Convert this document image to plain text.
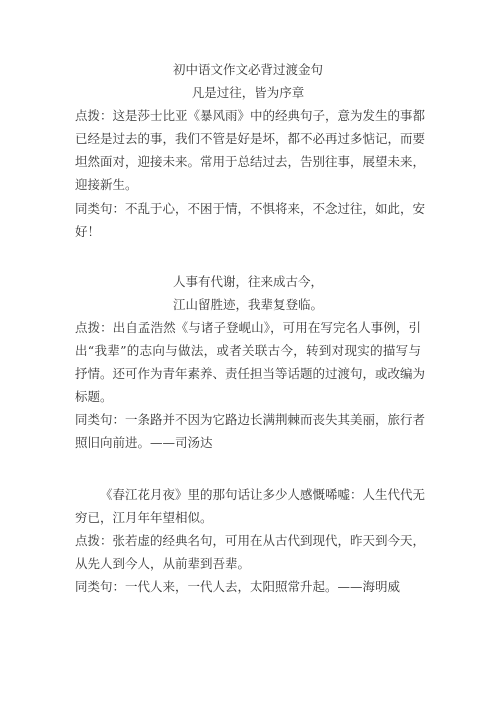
初中语文作文必背过渡金句
凡是过往，皆为序章
点拨：这是莎士比亚《暴风雨》中的经典句子，意为发生的事都
已经是过去的事，我们不管是好是坏，都不必再过多惦记，而要
坦然面对，迎接未来。常用于总结过去，告别往事，展望未来，
迎接新生。
同类句：不乱于心，不困于情，不惧将来，不念过往，如此，安
好！
人事有代谢，往来成古今，
江山留胜迹，我辈复登临。
点拨：出自孟浩然《与诸子登岘山》，可用在写完名人事例，引
出“我辈”的志向与做法，或者关联古今，转到对现实的描写与
抒情。还可作为青年素养、责任担当等话题的过渡句，或改编为
标题。
同类句：一条路并不因为它路边长满荆棘而丧失其美丽，旅行者
照旧向前进。——司汤达
《春江花月夜》里的那句话让多少人感慨唏嘘：人生代代无
穷已，江月年年望相似。
点拨：张若虚的经典名句，可用在从古代到现代，昨天到今天，
从先人到今人，从前辈到吾辈。
同类句：一代人来，一代人去，太阳照常升起。——海明威
